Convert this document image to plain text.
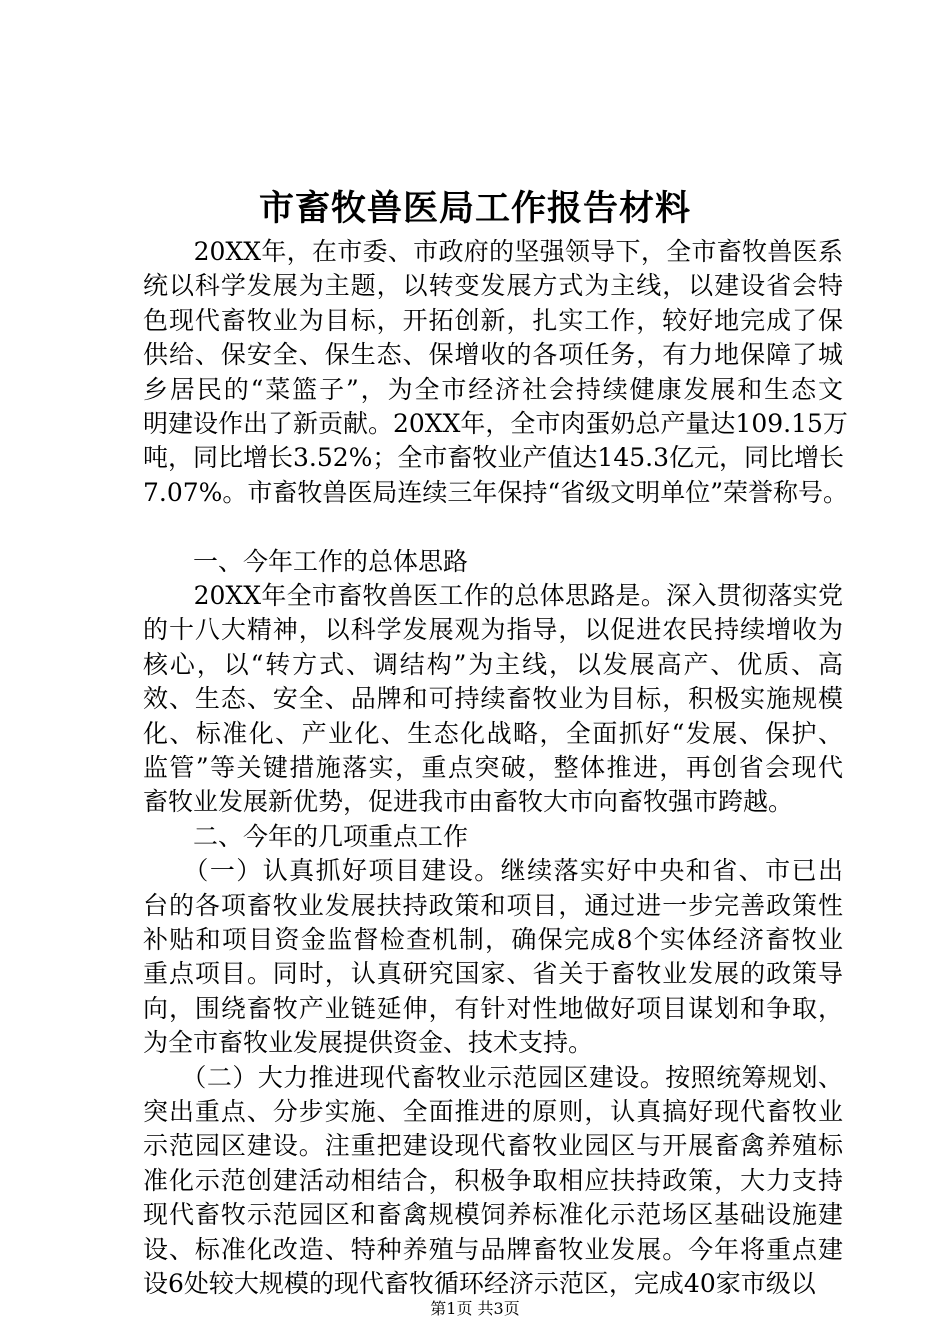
市畜牧兽医局工作报告材料
　　20XX年，在市委、市政府的坚强领导下，全市畜牧兽医系
统以科学发展为主题，以转变发展方式为主线，以建设省会特
色现代畜牧业为目标，开拓创新，扎实工作，较好地完成了保
供给、保安全、保生态、保增收的各项任务，有力地保障了城
乡居民的“菜篮子”，为全市经济社会持续健康发展和生态文
明建设作出了新贡献。20XX年，全市肉蛋奶总产量达109.15万
吨，同比增长3.52%；全市畜牧业产值达145.3亿元，同比增长
7.07%。市畜牧兽医局连续三年保持“省级文明单位”荣誉称号。
　　一、今年工作的总体思路
　　20XX年全市畜牧兽医工作的总体思路是。深入贯彻落实党
的十八大精神，以科学发展观为指导，以促进农民持续增收为
核心，以“转方式、调结构”为主线，以发展高产、优质、高
效、生态、安全、品牌和可持续畜牧业为目标，积极实施规模
化、标准化、产业化、生态化战略，全面抓好“发展、保护、
监管”等关键措施落实，重点突破，整体推进，再创省会现代
畜牧业发展新优势，促进我市由畜牧大市向畜牧强市跨越。
　　二、今年的几项重点工作
　　（一）认真抓好项目建设。继续落实好中央和省、市已出
台的各项畜牧业发展扶持政策和项目，通过进一步完善政策性
补贴和项目资金监督检查机制，确保完成8个实体经济畜牧业
重点项目。同时，认真研究国家、省关于畜牧业发展的政策导
向，围绕畜牧产业链延伸，有针对性地做好项目谋划和争取，
为全市畜牧业发展提供资金、技术支持。
　　（二）大力推进现代畜牧业示范园区建设。按照统筹规划、
突出重点、分步实施、全面推进的原则，认真搞好现代畜牧业
示范园区建设。注重把建设现代畜牧业园区与开展畜禽养殖标
准化示范创建活动相结合，积极争取相应扶持政策，大力支持
现代畜牧示范园区和畜禽规模饲养标准化示范场区基础设施建
设、标准化改造、特种养殖与品牌畜牧业发展。今年将重点建
设6处较大规模的现代畜牧循环经济示范区，完成40家市级以
第1页 共3页
